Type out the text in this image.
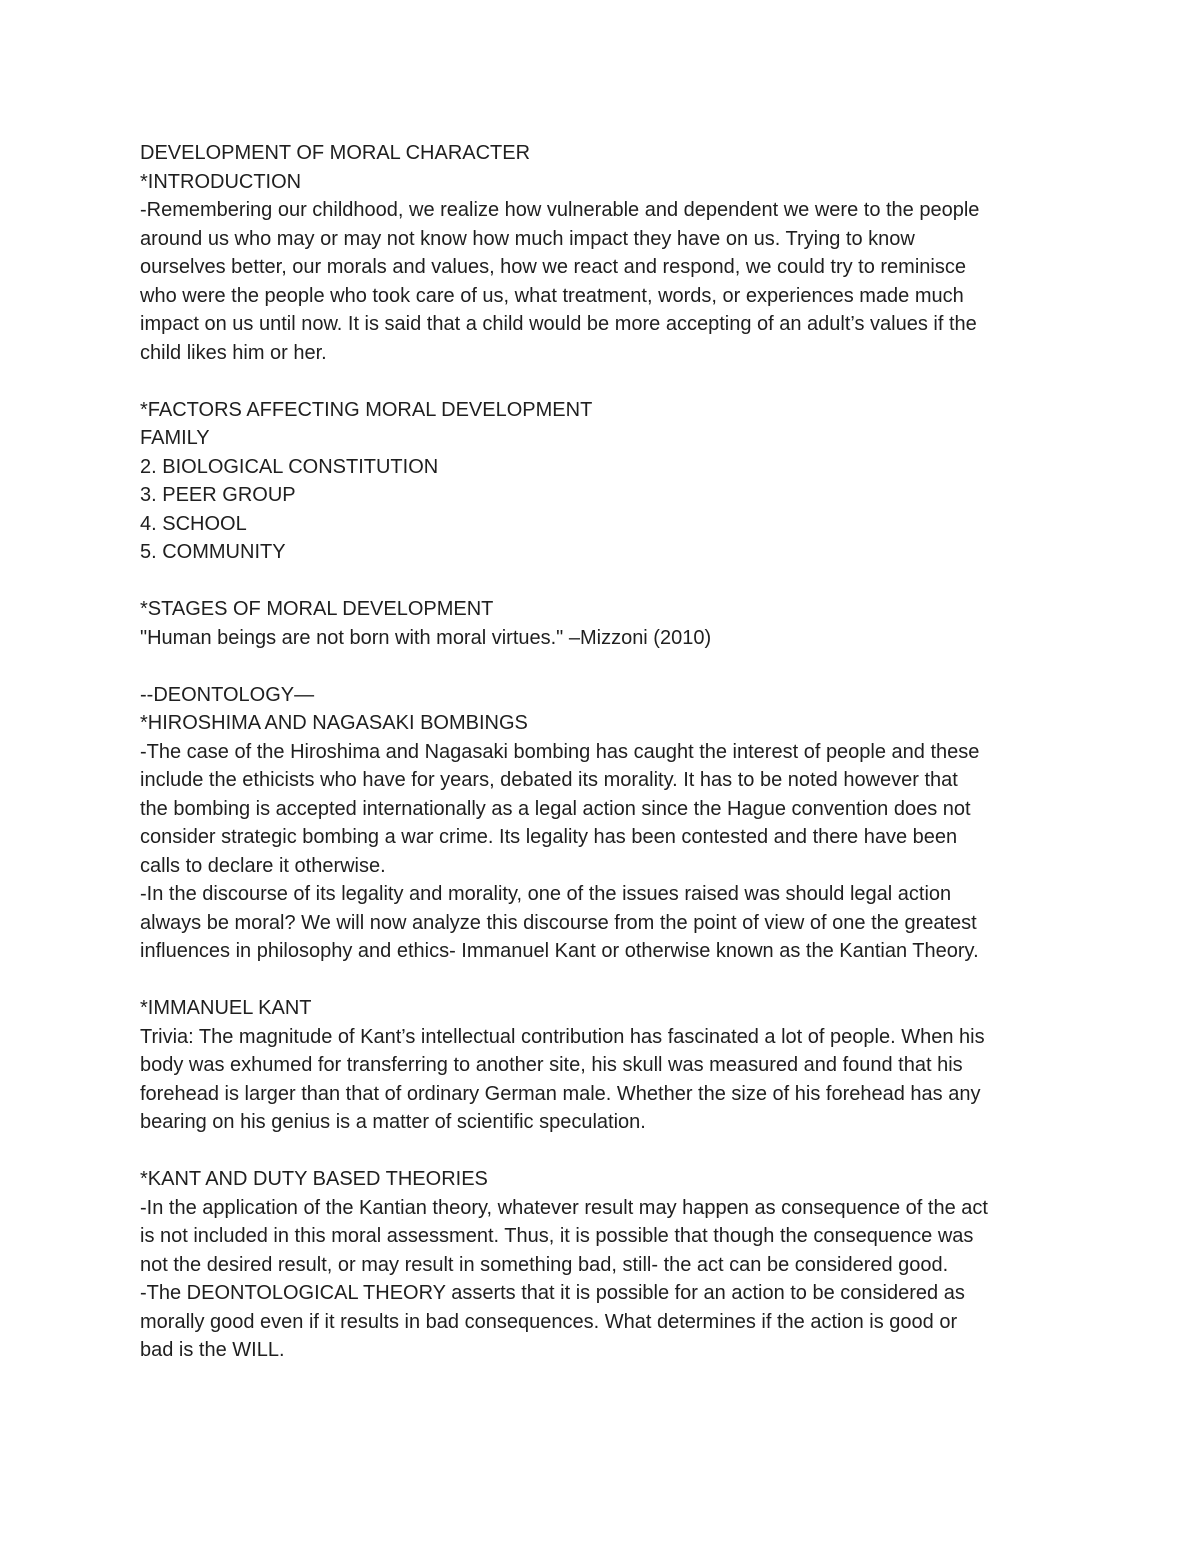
DEVELOPMENT OF MORAL CHARACTER
*INTRODUCTION
-Remembering our childhood, we realize how vulnerable and dependent we were to the people
around us who may or may not know how much impact they have on us. Trying to know
ourselves better, our morals and values, how we react and respond, we could try to reminisce
who were the people who took care of us, what treatment, words, or experiences made much
impact on us until now. It is said that a child would be more accepting of an adult’s values if the
child likes him or her.
*FACTORS AFFECTING MORAL DEVELOPMENT
FAMILY
2. BIOLOGICAL CONSTITUTION
3. PEER GROUP
4. SCHOOL
5. COMMUNITY
*STAGES OF MORAL DEVELOPMENT
"Human beings are not born with moral virtues." –Mizzoni (2010)
--DEONTOLOGY—
*HIROSHIMA AND NAGASAKI BOMBINGS
-The case of the Hiroshima and Nagasaki bombing has caught the interest of people and these
include the ethicists who have for years, debated its morality. It has to be noted however that
the bombing is accepted internationally as a legal action since the Hague convention does not
consider strategic bombing a war crime. Its legality has been contested and there have been
calls to declare it otherwise.
-In the discourse of its legality and morality, one of the issues raised was should legal action
always be moral? We will now analyze this discourse from the point of view of one the greatest
influences in philosophy and ethics- Immanuel Kant or otherwise known as the Kantian Theory.
*IMMANUEL KANT
Trivia: The magnitude of Kant’s intellectual contribution has fascinated a lot of people. When his
body was exhumed for transferring to another site, his skull was measured and found that his
forehead is larger than that of ordinary German male. Whether the size of his forehead has any
bearing on his genius is a matter of scientific speculation.
*KANT AND DUTY BASED THEORIES
-In the application of the Kantian theory, whatever result may happen as consequence of the act
is not included in this moral assessment. Thus, it is possible that though the consequence was
not the desired result, or may result in something bad, still- the act can be considered good.
-The DEONTOLOGICAL THEORY asserts that it is possible for an action to be considered as
morally good even if it results in bad consequences. What determines if the action is good or
bad is the WILL.
